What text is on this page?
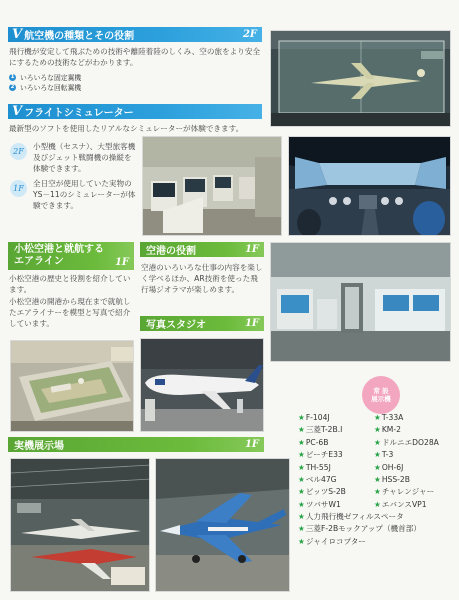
V 航空機の種類とその役割	2F
飛行機が安定して飛ぶための技術や離陸着陸のしくみ、空の旅をより安全にするための技術などがわかります。
1 いろいろな固定翼機
2 いろいろな回転翼機
V フライトシミュレーター
最新型のソフトを使用したリアルなシミュレーターが体験できます。
2F
小型機（セスナ）、大型旅客機及びジェット戦闘機の操縦を体験できます。
1F
全日空が使用していた実物のYS－11のシミュレーターが体験できます。
小松空港と就航する
エアライン	1F
小松空港の歴史と役割を紹介しています。
小松空港の開港から現在まで就航したエアライナーを模型と写真で紹介しています。
空港の役割	1F
空港のいろいろな仕事の内容を楽しく学べるほか、AR技術を使った飛行場ジオラマが楽しめます。
写真スタジオ	1F
実機展示場	1F
常 設
展示機
★F-104J
★三菱T-2B.I
★PC-6B
★ビーチE33
★TH-55J
★ベル47G
★ビッツS-2B
★ツバサW1
★T-33A
★KM-2
★ドルニエDO28A
★T-3
★OH-6J
★HSS-2B
★チャレンジャー
★エバンスVP1
★人力飛行機ゼフィルスペータ
★三菱F-2Bモックアップ（機首部）
★ジャイロコプター
